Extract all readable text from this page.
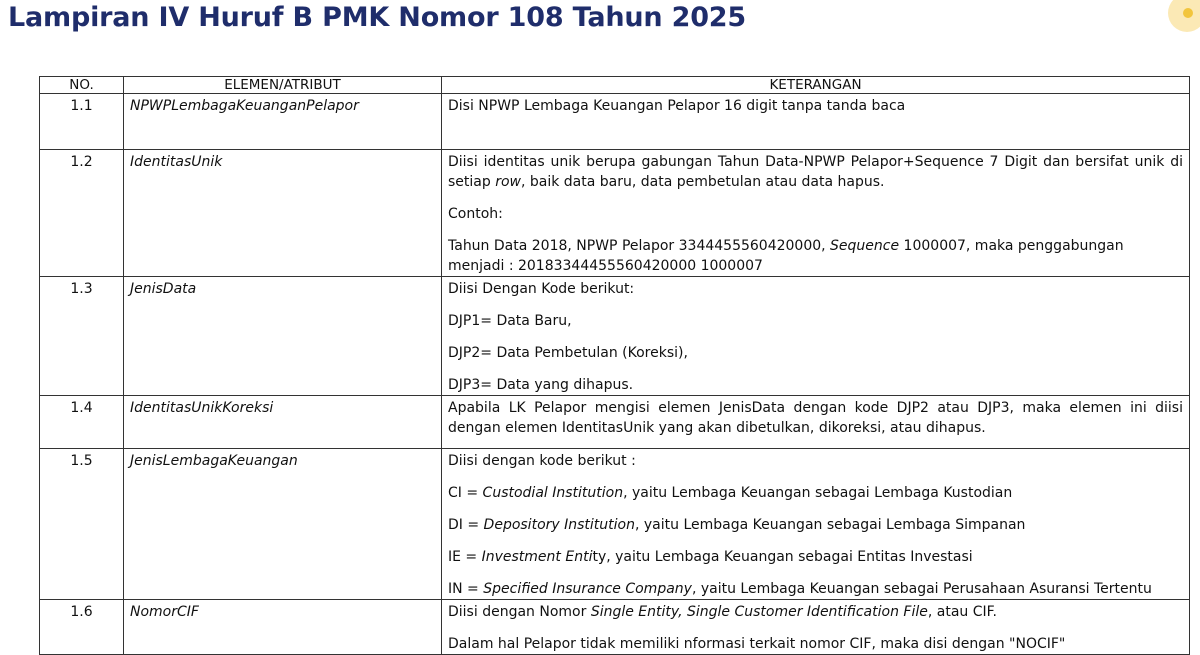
Lampiran IV Huruf B PMK Nomor 108 Tahun 2025
NO.	ELEMEN/ATRIBUT	KETERANGAN
1.1	NPWPLembagaKeuanganPelapor	Disi NPWP Lembaga Keuangan Pelapor 16 digit tanpa tanda baca

1.2	IdentitasUnik	Diisi identitas unik berupa gabungan Tahun Data-NPWP Pelapor+Sequence 7 Digit dan bersifat unik di setiap row, baik data baru, data pembetulan atau data hapus.

Contoh:

Tahun Data 2018, NPWP Pelapor 3344455560420000, Sequence 1000007, maka penggabungan menjadi : 20183344455560420000 1000007

1.3	JenisData	Diisi Dengan Kode berikut:

DJP1= Data Baru,

DJP2= Data Pembetulan (Koreksi),

DJP3= Data yang dihapus.

1.4	IdentitasUnikKoreksi	Apabila LK Pelapor mengisi elemen JenisData dengan kode DJP2 atau DJP3, maka elemen ini diisi dengan elemen IdentitasUnik yang akan dibetulkan, dikoreksi, atau dihapus.

1.5	JenisLembagaKeuangan	Diisi dengan kode berikut :

CI = Custodial Institution, yaitu Lembaga Keuangan sebagai Lembaga Kustodian

DI = Depository Institution, yaitu Lembaga Keuangan sebagai Lembaga Simpanan

IE = Investment Entity, yaitu Lembaga Keuangan sebagai Entitas Investasi

IN = Specified Insurance Company, yaitu Lembaga Keuangan sebagai Perusahaan Asuransi Tertentu

1.6	NomorCIF	Diisi dengan Nomor Single Entity, Single Customer Identification File, atau CIF.

Dalam hal Pelapor tidak memiliki nformasi terkait nomor CIF, maka disi dengan "NOCIF"
